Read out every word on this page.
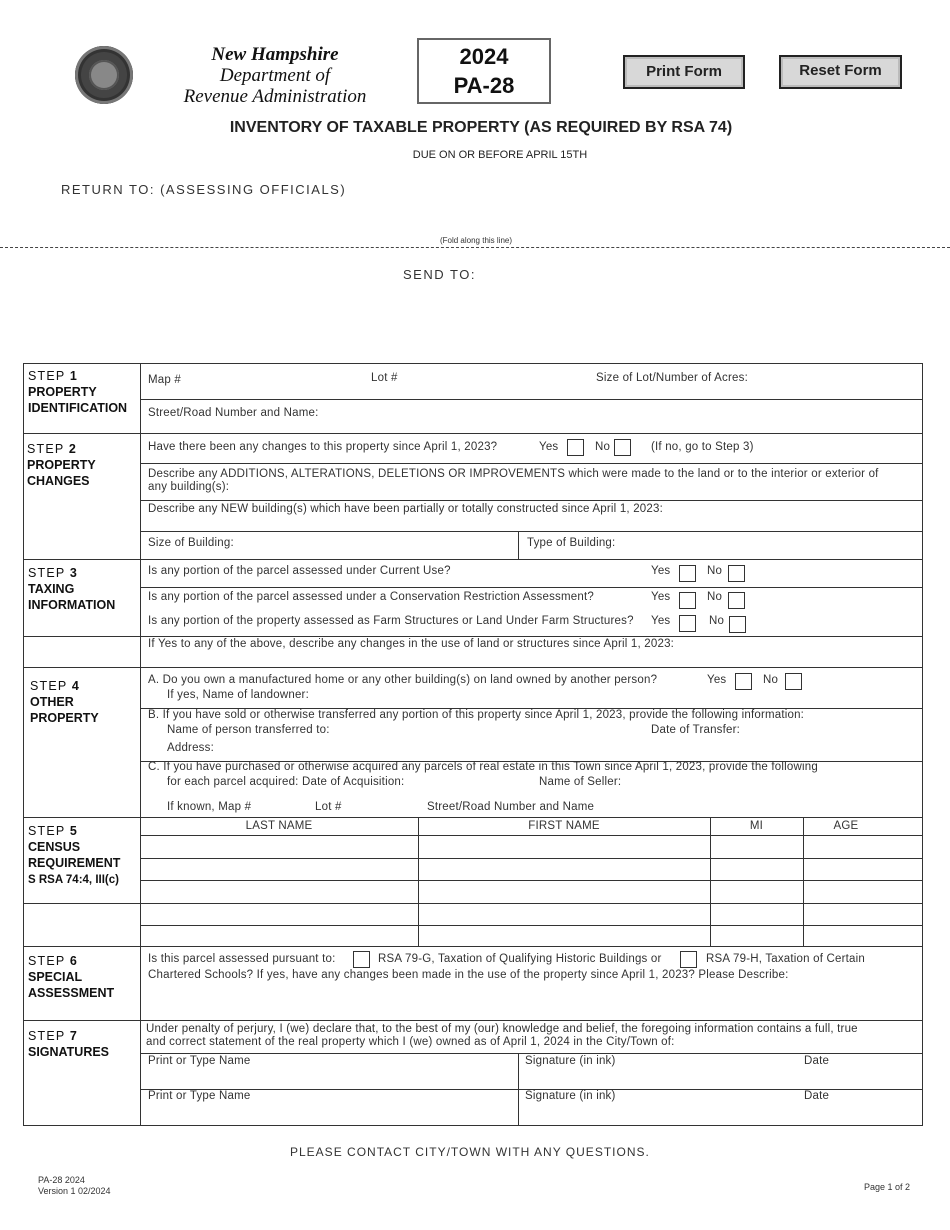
New Hampshire
Department of
Revenue Administration
2024
PA-28
Print Form	Reset Form
INVENTORY OF TAXABLE PROPERTY (AS REQUIRED BY RSA 74)
DUE ON OR BEFORE APRIL 15TH
RETURN TO: (ASSESSING OFFICIALS)
(Fold along this line)
SEND TO:
STEP 1
PROPERTY
IDENTIFICATION
Map #	Lot #	Size of Lot/Number of Acres:
Street/Road Number and Name:
STEP 2
PROPERTY
CHANGES
Have there been any changes to this property since April 1, 2023?	Yes	No	(If no, go to Step 3)
Describe any ADDITIONS, ALTERATIONS, DELETIONS OR IMPROVEMENTS which were made to the land or to the interior or exterior of
any building(s):
Describe any NEW building(s) which have been partially or totally constructed since April 1, 2023:
Size of Building:	Type of Building:
STEP 3
TAXING
INFORMATION
Is any portion of the parcel assessed under Current Use?	Yes	No
Is any portion of the parcel assessed under a Conservation Restriction Assessment?	Yes	No
Is any portion of the property assessed as Farm Structures or Land Under Farm Structures? Yes	No
If Yes to any of the above, describe any changes in the use of land or structures since April 1, 2023:
STEP 4
OTHER
PROPERTY
A. Do you own a manufactured home or any other building(s) on land owned by another person?
If yes, Name of landowner:
Yes	No
B. If you have sold or otherwise transferred any portion of this property since April 1, 2023, provide the following information:
Name of person transferred to:	Date of Transfer:
Address:
C. If you have purchased or otherwise acquired any parcels of real estate in this Town since April 1, 2023, provide the following
for each parcel acquired: Date of Acquisition:	Name of Seller:
If known, Map #	Lot #	Street/Road Number and Name
STEP 5
CENSUS
REQUIREMENT
S RSA 74:4, III(c)
LAST NAME	FIRST NAME	MI	AGE
STEP 6
SPECIAL
ASSESSMENT
Is this parcel assessed pursuant to:	RSA 79-G, Taxation of Qualifying Historic Buildings or	RSA 79-H, Taxation of Certain
Chartered Schools? If yes, have any changes been made in the use of the property since April 1, 2023? Please Describe:
STEP 7
SIGNATURES
Under penalty of perjury, I (we) declare that, to the best of my (our) knowledge and belief, the foregoing information contains a full, true
and correct statement of the real property which I (we) owned as of April 1, 2024 in the City/Town of:
Print or Type Name	Signature (in ink)	Date
Print or Type Name	Signature (in ink)	Date
PLEASE CONTACT CITY/TOWN WITH ANY QUESTIONS.
PA-28 2024
Version 1 02/2024	Page 1 of 2
